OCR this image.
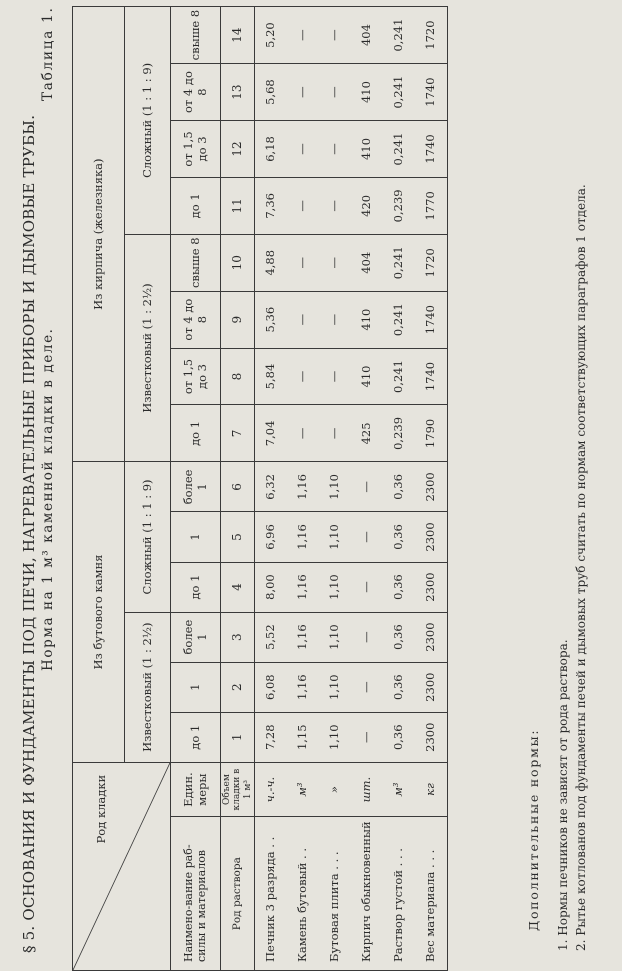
§ 5. ОСНОВАНИЯ И ФУНДАМЕНТЫ ПОД ПЕЧИ, НАГРЕВАТЕЛЬНЫЕ ПРИБОРЫ И ДЫМОВЫЕ ТРУБЫ. Норма на 1 м³ каменной кладки в деле.
Таблица 1.
Род кладки		Из бутового камня						Из кирпича (железняка)							
		Известковый (1 : 2½)			Сложный (1 : 1 : 9)			Известковый (1 : 2½)				Сложный (1 : 1 : 9)			
Наимено-вание раб-силы и материалов	Един. меры	до 1	1	более 1	до 1	1	более 1	до 1	от 1,5 до 3	от 4 до 8	свыше 8	до 1	от 1,5 до 3	от 4 до 8	свыше 8
Род раствора	Объем кладки в 1 м³	1	2	3	4	5	6	7	8	9	10	11	12	13	14
Печник 3 разряда . .	ч.-ч.	7,28	6,08	5,52	8,00	6,96	6,32	7,04	5,84	5,36	4,88	7,36	6,18	5,68	5,20
Камень бутовый . .	м³	1,15	1,16	1,16	1,16	1,16	1,16	—	—	—	—	—	—	—	—
Бутовая плита . . .	»	1,10	1,10	1,10	1,10	1,10	1,10	—	—	—	—	—	—	—	—
Кирпич обыкновенный	шт.	—	—	—	—	—	—	425	410	410	404	420	410	410	404
Раствор густой . . .	м³	0,36	0,36	0,36	0,36	0,36	0,36	0,239	0,241	0,241	0,241	0,239	0,241	0,241	0,241
Вес материала . . .	кг	2300	2300	2300	2300	2300	2300	1790	1740	1740	1720	1770	1740	1740	1720
Дополнительные нормы: 1. Нормы печников не зависят от рода раствора. 2. Рытье котлованов под фундаменты печей и дымовых труб считать по нормам соответствующих параграфов 1 отдела.
